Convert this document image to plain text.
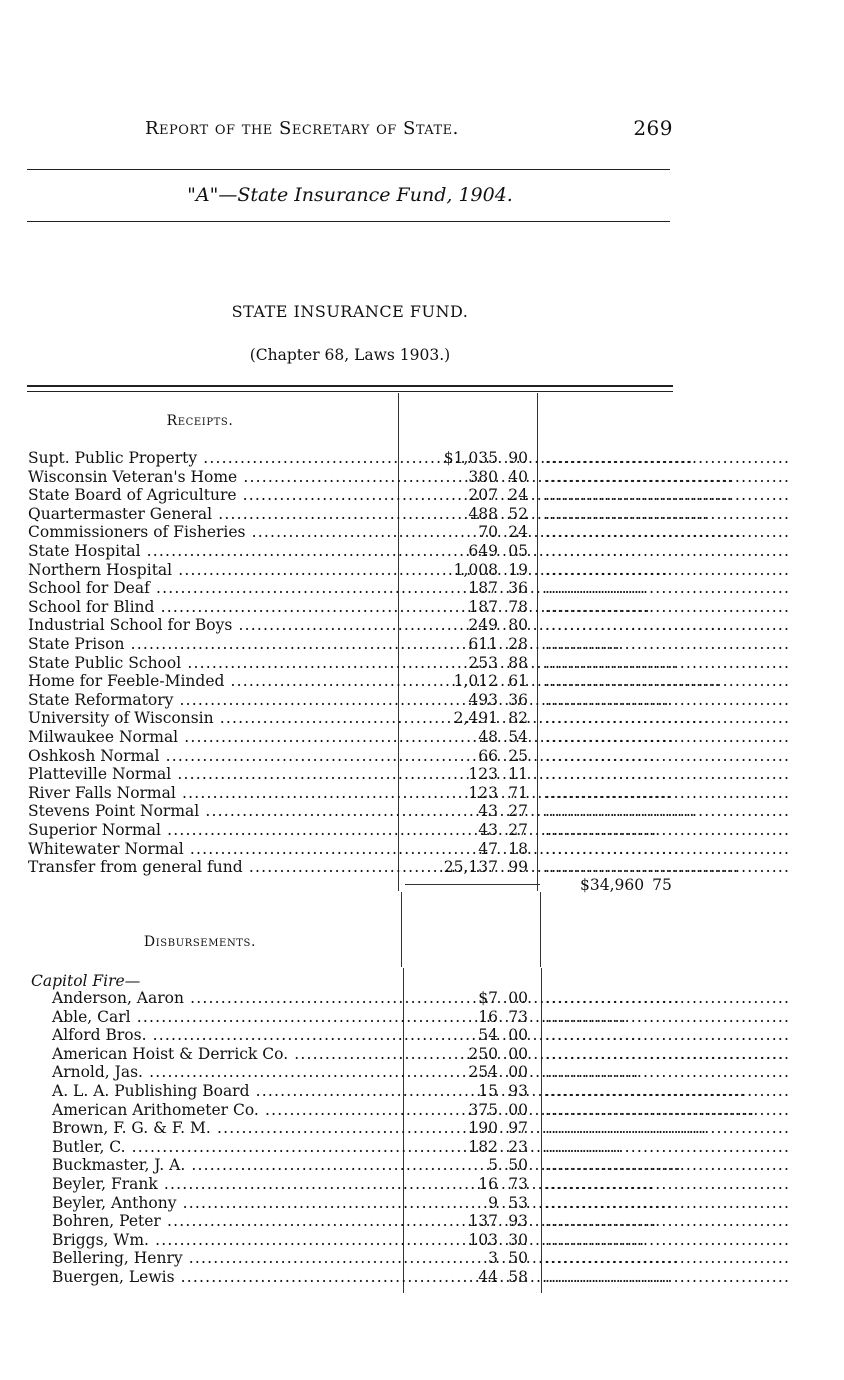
Report of the Secretary of State.	269
"A"—State Insurance Fund, 1904.
STATE INSURANCE FUND.
(Chapter 68, Laws 1903.)
Receipts.
Supt. Public Property .....	$1,035 90 ........................................
Wisconsin Veteran's Home .....	380 40 ........................................
State Board of Agriculture .....	207 24 ........................................
Quartermaster General .....	488 52 ........................................
Commissioners of Fisheries .....	70 24 ........................................
State Hospital .....	649 05 ........................................
Northern Hospital .....	1,008 19 ........................................
School for Deaf .....	187 36 ........................................
School for Blind .....	187 78 ........................................
Industrial School for Boys .....	249 80 ........................................
State Prison .....	611 28 ........................................
State Public School .....	253 88 ........................................
Home for Feeble-Minded .....	1,012 61 ........................................
State Reformatory .....	493 36 ........................................
University of Wisconsin .....	2,491 82 ........................................
Milwaukee Normal .....	48 54 ........................................
Oshkosh Normal .....	66 25 ........................................
Platteville Normal .....	123 11 ........................................
River Falls Normal .....	123 71 ........................................
Stevens Point Normal .....	43 27 ........................................
Superior Normal .....	43 27 ........................................
Whitewater Normal .....	47 18 ........................................
Transfer from general fund .....	25,137 99 ........................................
$34,960 75
Disbursements.
Capitol Fire—
Anderson, Aaron .....	$7 00 ........................................
Able, Carl .....	16 73 ........................................
Alford Bros. .....	54 00 ........................................
American Hoist & Derrick Co. .....	250 00 ........................................
Arnold, Jas. .....	254 00 ........................................
A. L. A. Publishing Board .....	15 93 ........................................
American Arithometer Co. .....	375 00 ........................................
Brown, F. G. & F. M. .....	190 97 ........................................
Butler, C. .....	182 23 ........................................
Buckmaster, J. A. .....	5 50 ........................................
Beyler, Frank .....	16 73 ........................................
Beyler, Anthony .....	9 53 ........................................
Bohren, Peter .....	137 93 ........................................
Briggs, Wm. .....	103 30 ........................................
Bellering, Henry .....	3 50 ........................................
Buergen, Lewis .....	44 58 ........................................
